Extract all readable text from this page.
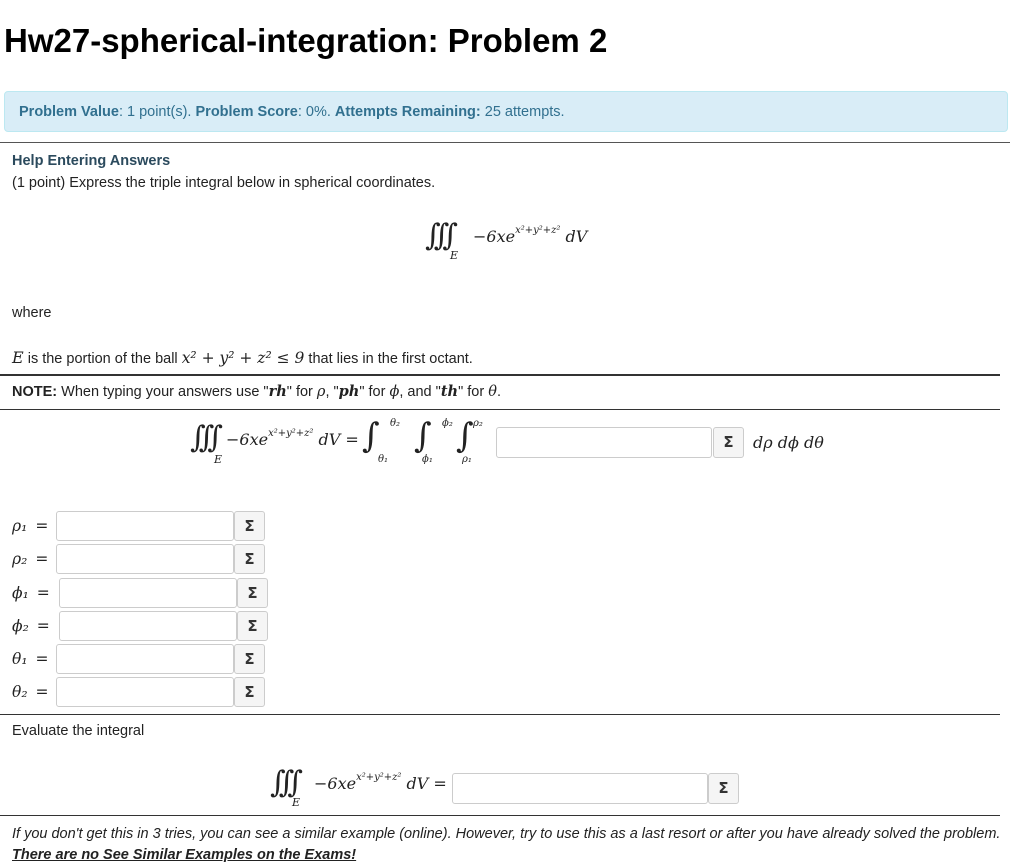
Hw27-spherical-integration: Problem 2
Problem Value: 1 point(s). Problem Score: 0%. Attempts Remaining: 25 attempts.
Help Entering Answers
(1 point) Express the triple integral below in spherical coordinates.
∫∫∫
E
$-6xe^{x^2+y^2+z^2}$ dV
where
E is the portion of the ball x² + y² + z² ≤ 9 that lies in the first octant.
NOTE: When typing your answers use "rh" for ρ, "ph" for ϕ, and "th" for θ.
∫∫∫
E
$-6xe^{x^2+y^2+z^2}$ dV = ∫ θ₂
θ₁
∫ ϕ₂
ϕ₁
∫ ρ₂
ρ₁
Σ	dρ dϕ dθ
ρ₁ =	Σ
ρ₂ =	Σ
ϕ₁ =	Σ
ϕ₂ =	Σ
θ₁ =	Σ
θ₂ =	Σ
Evaluate the integral
∫∫∫
E
$-6xe^{x^2+y^2+z^2}$ dV =	Σ
If you don't get this in 3 tries, you can see a similar example (online). However, try to use this as a last resort or after you have already solved the problem. There are no See Similar Examples on the Exams!
